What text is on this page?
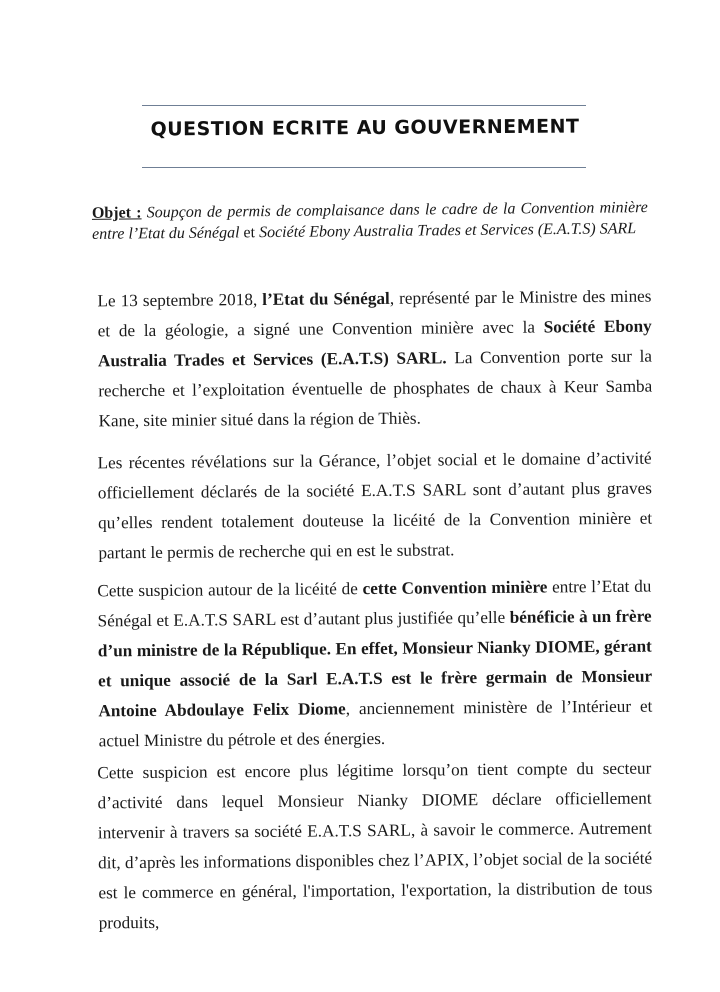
QUESTION ECRITE AU GOUVERNEMENT
Objet : Soupçon de permis de complaisance dans le cadre de la Convention minière entre l’Etat du Sénégal et Société Ebony Australia Trades et Services (E.A.T.S) SARL
Le 13 septembre 2018, l’Etat du Sénégal, représenté par le Ministre des mines et de la géologie, a signé une Convention minière avec la Société Ebony Australia Trades et Services (E.A.T.S) SARL. La Convention porte sur la recherche et l’exploitation éventuelle de phosphates de chaux à Keur Samba Kane, site minier situé dans la région de Thiès.
Les récentes révélations sur la Gérance, l’objet social et le domaine d’activité officiellement déclarés de la société E.A.T.S SARL sont d’autant plus graves qu’elles rendent totalement douteuse la licéité de la Convention minière et partant le permis de recherche qui en est le substrat.
Cette suspicion autour de la licéité de cette Convention minière entre l’Etat du Sénégal et E.A.T.S SARL est d’autant plus justifiée qu’elle bénéficie à un frère d’un ministre de la République. En effet, Monsieur Nianky DIOME, gérant et unique associé de la Sarl E.A.T.S est le frère germain de Monsieur Antoine Abdoulaye Felix Diome, anciennement ministère de l’Intérieur et actuel Ministre du pétrole et des énergies.
Cette suspicion est encore plus légitime lorsqu’on tient compte du secteur d’activité dans lequel Monsieur Nianky DIOME déclare officiellement intervenir à travers sa société E.A.T.S SARL, à savoir le commerce. Autrement dit, d’après les informations disponibles chez l’APIX, l’objet social de la société est le commerce en général, l'importation, l'exportation, la distribution de tous produits,
